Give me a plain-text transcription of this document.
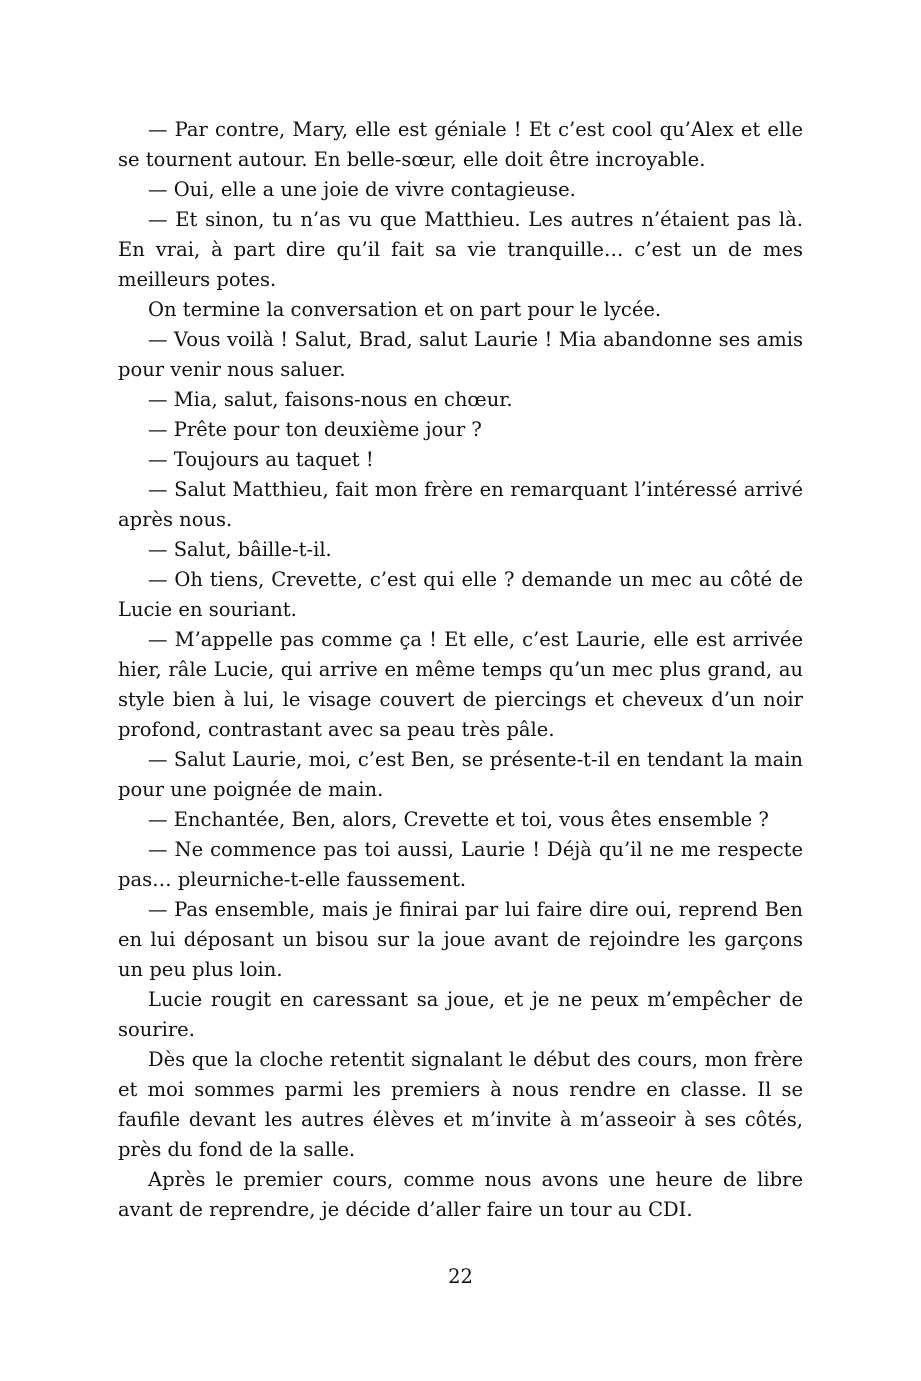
— Par contre, Mary, elle est géniale ! Et c’est cool qu’Alex et elle se tournent autour. En belle-sœur, elle doit être incroyable.

— Oui, elle a une joie de vivre contagieuse.

— Et sinon, tu n’as vu que Matthieu. Les autres n’étaient pas là. En vrai, à part dire qu’il fait sa vie tranquille… c’est un de mes meilleurs potes.

On termine la conversation et on part pour le lycée.

— Vous voilà ! Salut, Brad, salut Laurie ! Mia abandonne ses amis pour venir nous saluer.

— Mia, salut, faisons-nous en chœur.

— Prête pour ton deuxième jour ?

— Toujours au taquet !

— Salut Matthieu, fait mon frère en remarquant l’intéressé arrivé après nous.

— Salut, bâille-t-il.

— Oh tiens, Crevette, c’est qui elle ? demande un mec au côté de Lucie en souriant.

— M’appelle pas comme ça ! Et elle, c’est Laurie, elle est arrivée hier, râle Lucie, qui arrive en même temps qu’un mec plus grand, au style bien à lui, le visage couvert de piercings et cheveux d’un noir profond, contrastant avec sa peau très pâle.

— Salut Laurie, moi, c’est Ben, se présente-t-il en tendant la main pour une poignée de main.

— Enchantée, Ben, alors, Crevette et toi, vous êtes ensemble ?

— Ne commence pas toi aussi, Laurie ! Déjà qu’il ne me respecte pas… pleurniche-t-elle faussement.

— Pas ensemble, mais je finirai par lui faire dire oui, reprend Ben en lui déposant un bisou sur la joue avant de rejoindre les garçons un peu plus loin.

Lucie rougit en caressant sa joue, et je ne peux m’empêcher de sourire.

Dès que la cloche retentit signalant le début des cours, mon frère et moi sommes parmi les premiers à nous rendre en classe. Il se faufile devant les autres élèves et m’invite à m’asseoir à ses côtés, près du fond de la salle.

Après le premier cours, comme nous avons une heure de libre avant de reprendre, je décide d’aller faire un tour au CDI.

22
